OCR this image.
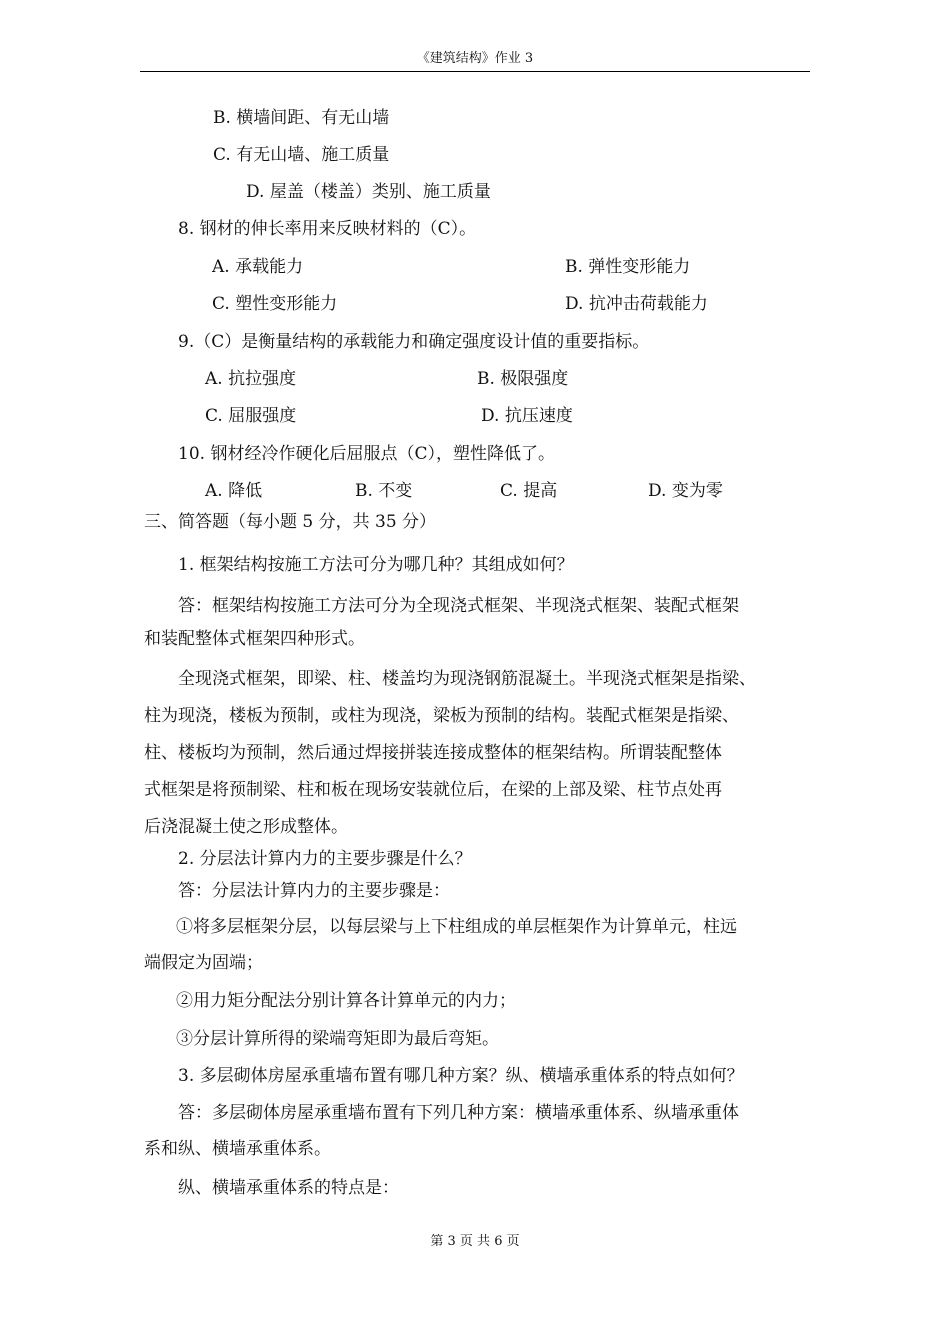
《建筑结构》作业 3
B. 横墙间距、有无山墙
C. 有无山墙、施工质量
D. 屋盖（楼盖）类别、施工质量
8. 钢材的伸长率用来反映材料的（C）。
A. 承载能力	B. 弹性变形能力
C. 塑性变形能力	D. 抗冲击荷载能力
9.（C）是衡量结构的承载能力和确定强度设计值的重要指标。
A. 抗拉强度	B. 极限强度
C. 屈服强度	D. 抗压速度
10. 钢材经冷作硬化后屈服点（C），塑性降低了。
A. 降低	B. 不变	C. 提高	D. 变为零
三、简答题（每小题 5 分，共 35 分）
1. 框架结构按施工方法可分为哪几种？其组成如何？
答：框架结构按施工方法可分为全现浇式框架、半现浇式框架、装配式框架
和装配整体式框架四种形式。
全现浇式框架，即梁、柱、楼盖均为现浇钢筋混凝土。半现浇式框架是指梁、
柱为现浇，楼板为预制，或柱为现浇，梁板为预制的结构。装配式框架是指梁、
柱、楼板均为预制，然后通过焊接拼装连接成整体的框架结构。所谓装配整体
式框架是将预制梁、柱和板在现场安装就位后，在梁的上部及梁、柱节点处再
后浇混凝土使之形成整体。
2. 分层法计算内力的主要步骤是什么？
答：分层法计算内力的主要步骤是：
①将多层框架分层，以每层梁与上下柱组成的单层框架作为计算单元，柱远
端假定为固端；
②用力矩分配法分别计算各计算单元的内力；
③分层计算所得的梁端弯矩即为最后弯矩。
3. 多层砌体房屋承重墙布置有哪几种方案？纵、横墙承重体系的特点如何？
答：多层砌体房屋承重墙布置有下列几种方案：横墙承重体系、纵墙承重体
系和纵、横墙承重体系。
纵、横墙承重体系的特点是：
第 3 页 共 6 页
